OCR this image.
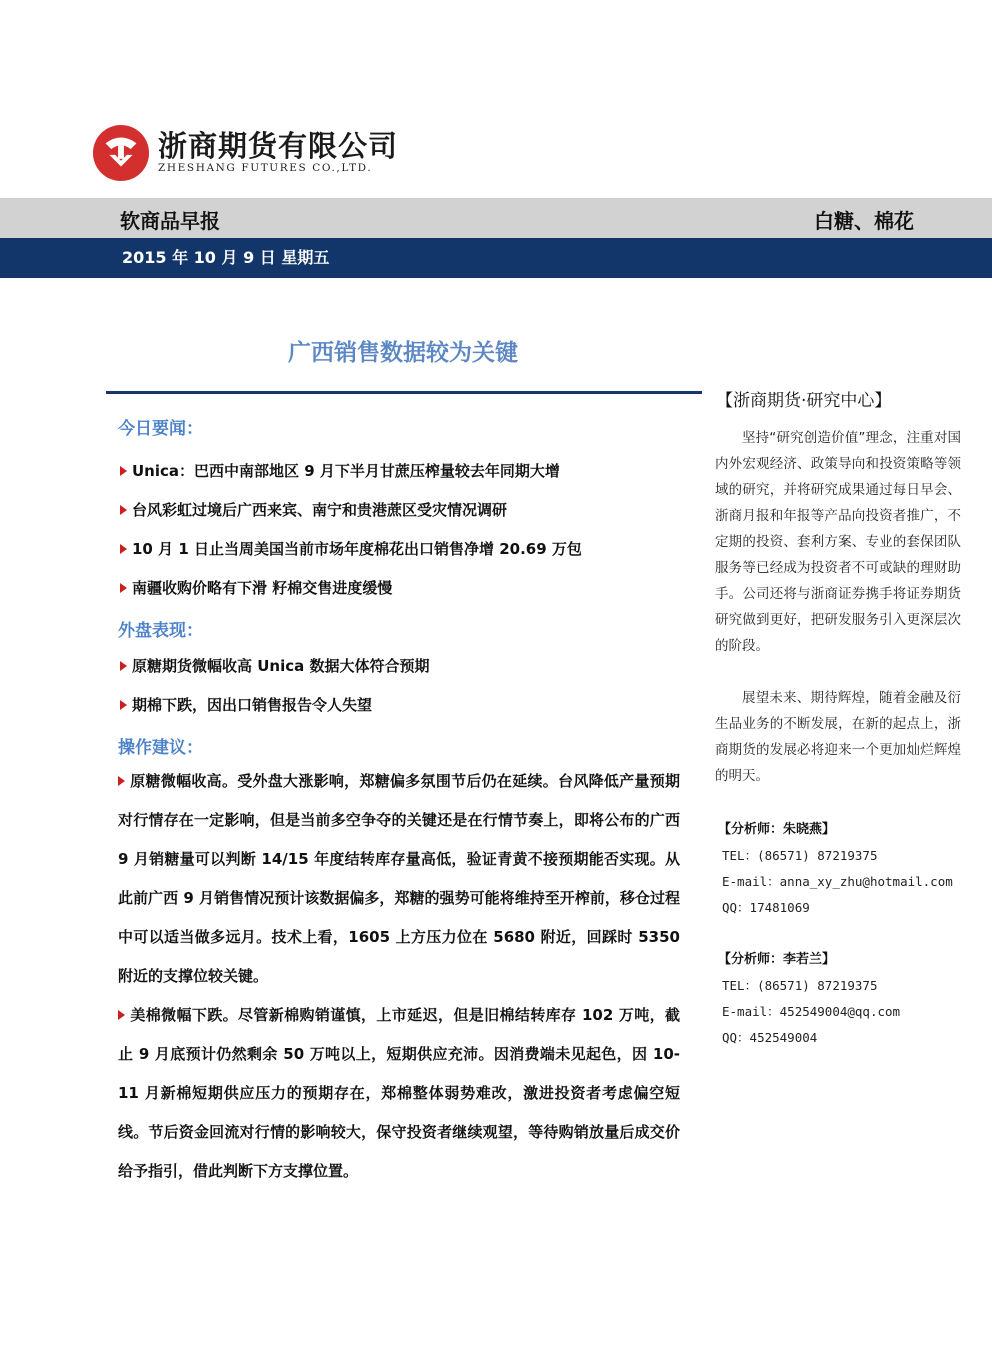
浙商期货有限公司
ZHESHANG FUTURES CO.,LTD.
软商品早报	白糖、棉花
2015 年 10 月 9 日 星期五
广西销售数据较为关键
今日要闻：
Unica：巴西中南部地区 9 月下半月甘蔗压榨量较去年同期大增
台风彩虹过境后广西来宾、南宁和贵港蔗区受灾情况调研
10 月 1 日止当周美国当前市场年度棉花出口销售净增 20.69 万包
南疆收购价略有下滑 籽棉交售进度缓慢
外盘表现：
原糖期货微幅收高 Unica 数据大体符合预期
期棉下跌，因出口销售报告令人失望
操作建议：
原糖微幅收高。受外盘大涨影响，郑糖偏多氛围节后仍在延续。台风降低产量预期对行情存在一定影响，但是当前多空争夺的关键还是在行情节奏上，即将公布的广西 9 月销糖量可以判断 14/15 年度结转库存量高低，验证青黄不接预期能否实现。从此前广西 9 月销售情况预计该数据偏多，郑糖的强势可能将维持至开榨前，移仓过程中可以适当做多远月。技术上看，1605 上方压力位在 5680 附近，回踩时 5350 附近的支撑位较关键。
美棉微幅下跌。尽管新棉购销谨慎，上市延迟，但是旧棉结转库存 102 万吨，截止 9 月底预计仍然剩余 50 万吨以上，短期供应充沛。因消费端未见起色，因 10-11 月新棉短期供应压力的预期存在，郑棉整体弱势难改，激进投资者考虑偏空短线。节后资金回流对行情的影响较大，保守投资者继续观望，等待购销放量后成交价给予指引，借此判断下方支撑位置。
【浙商期货·研究中心】
坚持“研究创造价值”理念，注重对国内外宏观经济、政策导向和投资策略等领域的研究，并将研究成果通过每日早会、浙商月报和年报等产品向投资者推广，不定期的投资、套利方案、专业的套保团队服务等已经成为投资者不可或缺的理财助手。公司还将与浙商证券携手将证券期货研究做到更好，把研发服务引入更深层次的阶段。
展望未来、期待辉煌，随着金融及衍生品业务的不断发展，在新的起点上，浙商期货的发展必将迎来一个更加灿烂辉煌的明天。
【分析师：朱晓燕】
TEL：(86571) 87219375
E-mail：anna_xy_zhu@hotmail.com
QQ：17481069
【分析师：李若兰】
TEL：(86571) 87219375
E-mail：452549004@qq.com
QQ：452549004
